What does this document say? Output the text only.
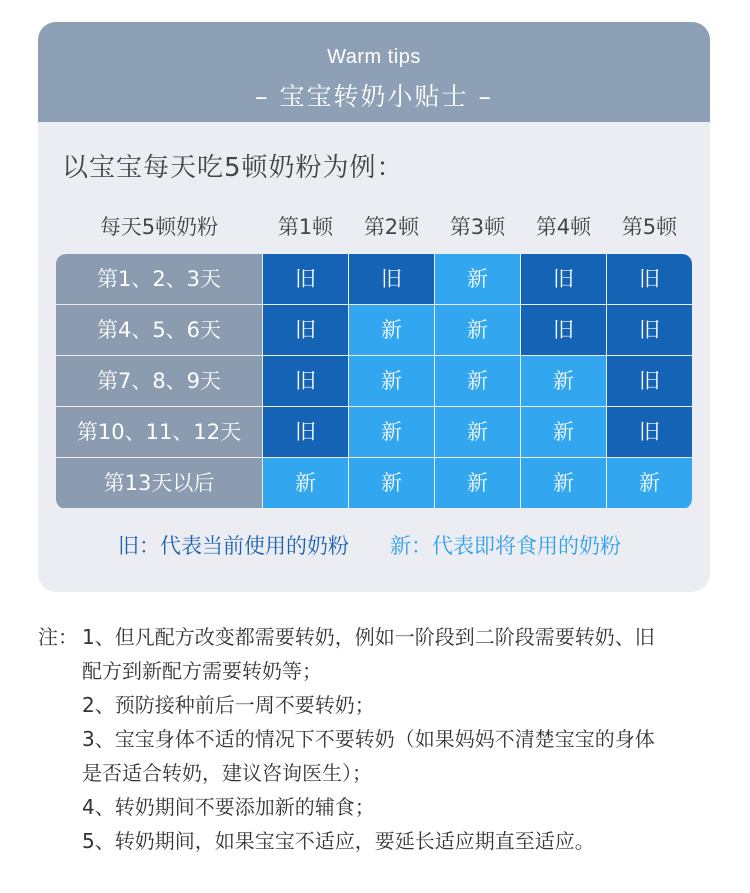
Warm tips
– 宝宝转奶小贴士 –
以宝宝每天吃5顿奶粉为例：
每天5顿奶粉	第1顿	第2顿	第3顿	第4顿	第5顿
第1、2、3天	旧	旧	新	旧	旧
第4、5、6天	旧	新	新	旧	旧
第7、8、9天	旧	新	新	新	旧
第10、11、12天	旧	新	新	新	旧
第13天以后	新	新	新	新	新
旧：代表当前使用的奶粉 新：代表即将食用的奶粉
注： 1、但凡配方改变都需要转奶，例如一阶段到二阶段需要转奶、旧
配方到新配方需要转奶等；
2、预防接种前后一周不要转奶；
3、宝宝身体不适的情况下不要转奶（如果妈妈不清楚宝宝的身体
是否适合转奶，建议咨询医生）；
4、转奶期间不要添加新的辅食；
5、转奶期间，如果宝宝不适应，要延长适应期直至适应。
